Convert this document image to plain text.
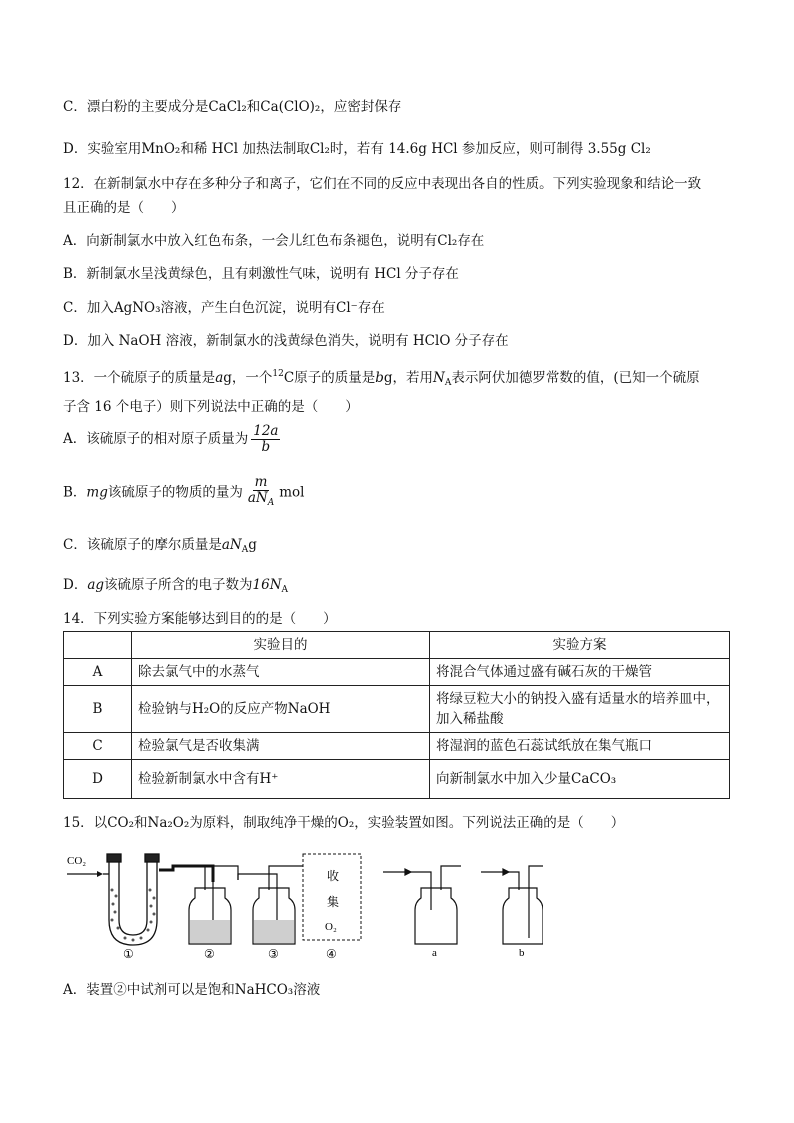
C．漂白粉的主要成分是CaCl₂和Ca(ClO)₂，应密封保存
D．实验室用MnO₂和稀 HCl 加热法制取Cl₂时，若有 14.6g HCl 参加反应，则可制得 3.55g Cl₂
12．在新制氯水中存在多种分子和离子，它们在不同的反应中表现出各自的性质。下列实验现象和结论一致
且正确的是（　　）
A．向新制氯水中放入红色布条，一会儿红色布条褪色，说明有Cl₂存在
B．新制氯水呈浅黄绿色，且有刺激性气味，说明有 HCl 分子存在
C．加入AgNO₃溶液，产生白色沉淀，说明有Cl⁻存在
D．加入 NaOH 溶液，新制氯水的浅黄绿色消失，说明有 HClO 分子存在
13．一个硫原子的质量是ag，一个$^{12}$C原子的质量是bg，若用$N_A$表示阿伏加德罗常数的值，(已知一个硫原
子含 16 个电子）则下列说法中正确的是（　　）
A．该硫原子的相对原子质量为 $\frac{12a}{b}$
B．mg该硫原子的物质的量为 $\frac{m}{aN_A}$ mol
C．该硫原子的摩尔质量是$aN_Ag$
D．ag该硫原子所含的电子数为$16N_A$
14．下列实验方案能够达到目的的是（　　）
	实验目的	实验方案
A	除去氯气中的水蒸气	将混合气体通过盛有碱石灰的干燥管
B	检验钠与H₂O的反应产物NaOH	将绿豆粒大小的钠投入盛有适量水的培养皿中，加入稀盐酸
C	检验氯气是否收集满	将湿润的蓝色石蕊试纸放在集气瓶口
D	检验新制氯水中含有H⁺	向新制氯水中加入少量CaCO₃
15．以CO₂和Na₂O₂为原料，制取纯净干燥的O₂，实验装置如图。下列说法正确的是（　　）
CO₂
收
集
O₂
①	②	③	④	a	b
A．装置②中试剂可以是饱和NaHCO₃溶液
